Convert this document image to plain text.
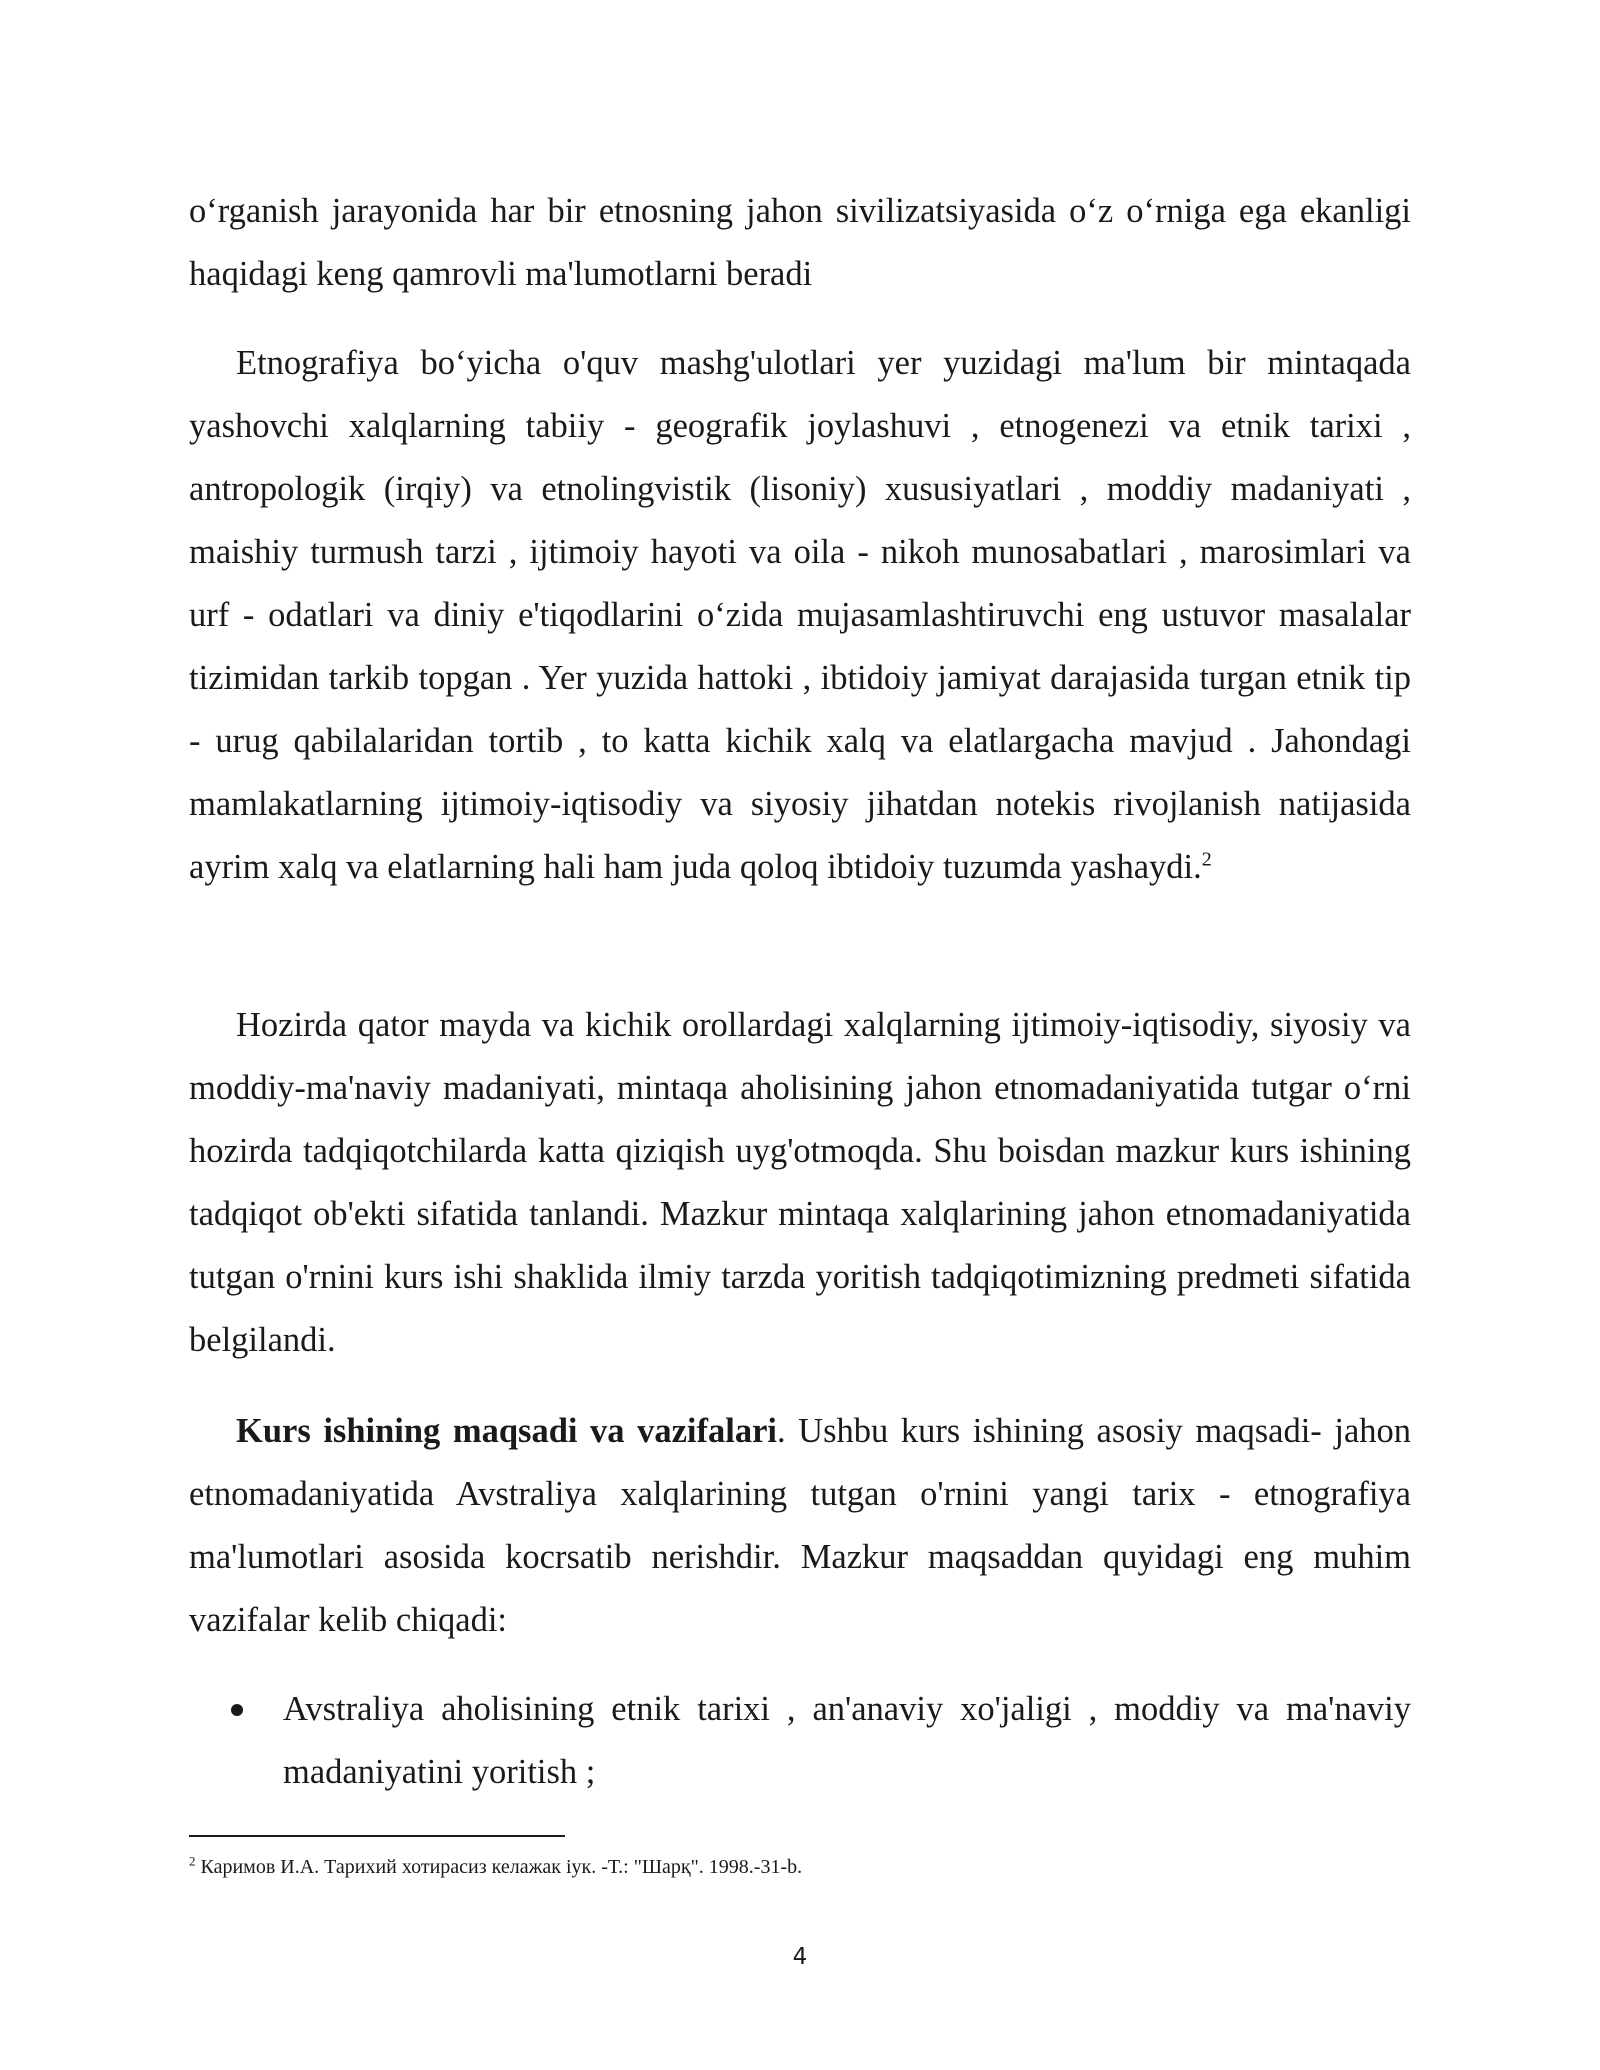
o‘rganish jarayonida har bir etnosning jahon sivilizatsiyasida o‘z o‘rniga ega ekanligi haqidagi keng qamrovli ma'lumotlarni beradi

Etnografiya bo‘yicha o'quv mashg'ulotlari yer yuzidagi ma'lum bir mintaqada yashovchi xalqlarning tabiiy - geografik joylashuvi , etnogenezi va etnik tarixi , antropologik (irqiy) va etnolingvistik (lisoniy) xususiyatlari , moddiy madaniyati , maishiy turmush tarzi , ijtimoiy hayoti va oila - nikoh munosabatlari , marosimlari va urf - odatlari va diniy e'tiqodlarini o‘zida mujasamlashtiruvchi eng ustuvor masalalar tizimidan tarkib topgan . Yer yuzida hattoki , ibtidoiy jamiyat darajasida turgan etnik tip - urug qabilalaridan tortib , to katta kichik xalq va elatlargacha mavjud . Jahondagi mamlakatlarning ijtimoiy-iqtisodiy va siyosiy jihatdan notekis rivojlanish natijasida ayrim xalq va elatlarning hali ham juda qoloq ibtidoiy tuzumda yashaydi.$^2$

Hozirda qator mayda va kichik orollardagi xalqlarning ijtimoiy-iqtisodiy, siyosiy va moddiy-ma'naviy madaniyati, mintaqa aholisining jahon etnomadaniyatida tutgar o‘rni hozirda tadqiqotchilarda katta qiziqish uyg'otmoqda. Shu boisdan mazkur kurs ishining tadqiqot ob'ekti sifatida tanlandi. Mazkur mintaqa xalqlarining jahon etnomadaniyatida tutgan o'rnini kurs ishi shaklida ilmiy tarzda yoritish tadqiqotimizning predmeti sifatida belgilandi.

Kurs ishining maqsadi va vazifalari. Ushbu kurs ishining asosiy maqsadi- jahon etnomadaniyatida Avstraliya xalqlarining tutgan o'rnini yangi tarix - etnografiya ma'lumotlari asosida kocrsatib nerishdir. Mazkur maqsaddan quyidagi eng muhim vazifalar kelib chiqadi:

Avstraliya aholisining etnik tarixi , an'anaviy xo'jaligi , moddiy va ma'naviy madaniyatini yoritish ;

$^2$ Каримов И.А. Тарихий хотирасиз келажак iук. -Т.: "Шарқ". 1998.-31-b.

4
